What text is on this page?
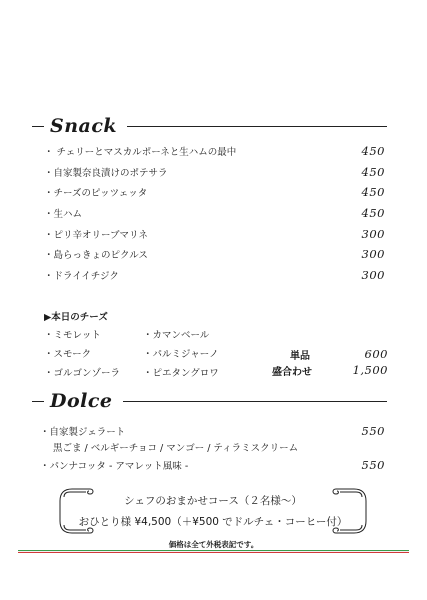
Snack
・ チェリーとマスカルポーネと生ハムの最中	450
・自家製奈良漬けのポテサラ	450
・チーズのピッツェッタ	450
・生ハム	450
・ピリ辛オリーブマリネ	300
・島らっきょのピクルス	300
・ドライイチジク	300
▶本日のチーズ
・ミモレット
・スモーク
・ゴルゴンゾーラ
・カマンベール
・パルミジャーノ
・ピエタングロワ
単品	600
盛合わせ	1,500
Dolce
・自家製ジェラート	550
黒ごま / ベルギーチョコ / マンゴー / ティラミスクリーム
・パンナコッタ - アマレット風味 -	550
シェフのおまかせコース（２名様〜）
おひとり様 ¥4,500（＋¥500 でドルチェ・コーヒー付）
価格は全て外税表記です。
